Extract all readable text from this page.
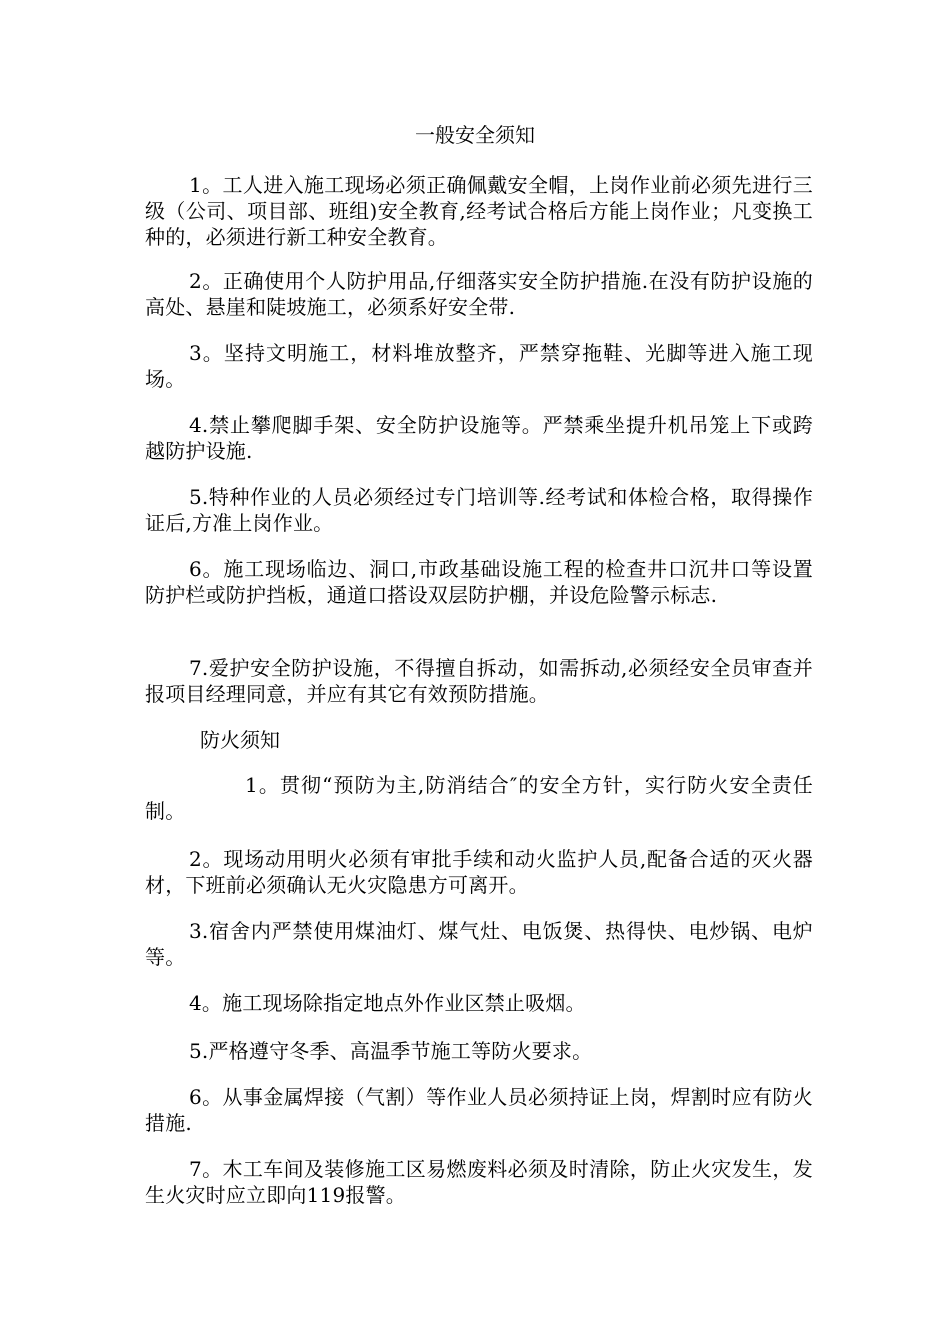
一般安全须知

1。工人进入施工现场必须正确佩戴安全帽，上岗作业前必须先进行三级（公司、项目部、班组)安全教育,经考试合格后方能上岗作业；凡变换工种的，必须进行新工种安全教育。

2。正确使用个人防护用品,仔细落实安全防护措施.在没有防护设施的高处、悬崖和陡坡施工，必须系好安全带.

3。坚持文明施工，材料堆放整齐，严禁穿拖鞋、光脚等进入施工现场。

4.禁止攀爬脚手架、安全防护设施等。严禁乘坐提升机吊笼上下或跨越防护设施.

5.特种作业的人员必须经过专门培训等.经考试和体检合格，取得操作证后,方准上岗作业。

6。施工现场临边、洞口,市政基础设施工程的检查井口沉井口等设置防护栏或防护挡板，通道口搭设双层防护棚，并设危险警示标志.

7.爱护安全防护设施，不得擅自拆动，如需拆动,必须经安全员审查并报项目经理同意，并应有其它有效预防措施。

防火须知

1。贯彻“预防为主,防消结合″的安全方针，实行防火安全责任制。

2。现场动用明火必须有审批手续和动火监护人员,配备合适的灭火器材，下班前必须确认无火灾隐患方可离开。

3.宿舍内严禁使用煤油灯、煤气灶、电饭煲、热得快、电炒锅、电炉等。

4。施工现场除指定地点外作业区禁止吸烟。

5.严格遵守冬季、高温季节施工等防火要求。

6。从事金属焊接（气割）等作业人员必须持证上岗，焊割时应有防火措施.

7。木工车间及装修施工区易燃废料必须及时清除，防止火灾发生，发生火灾时应立即向119报警。
